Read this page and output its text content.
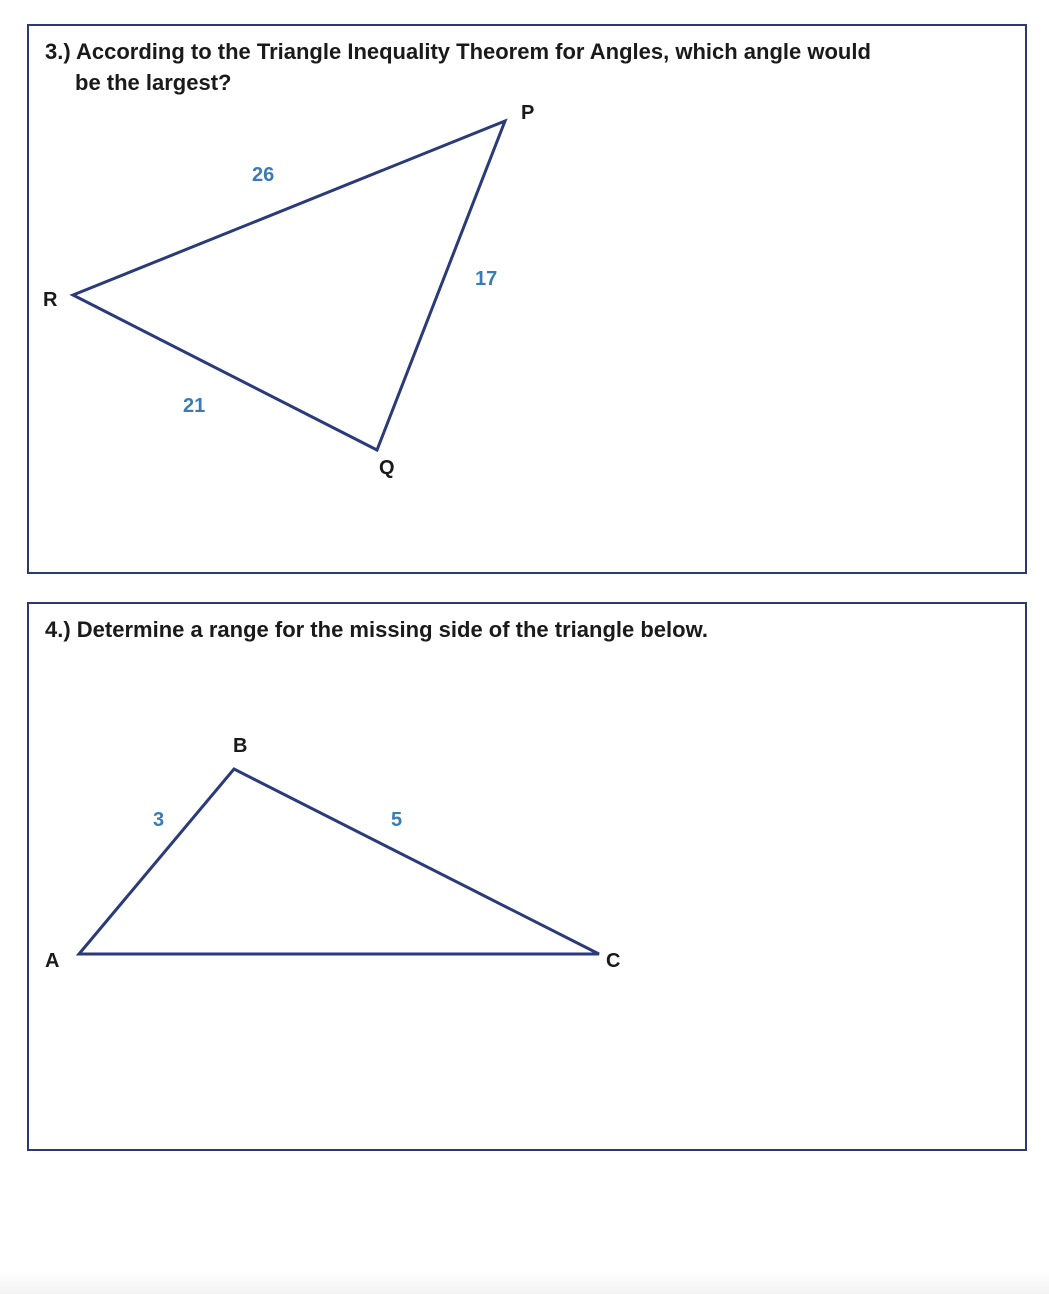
3.) According to the Triangle Inequality Theorem for Angles, which angle would
be the largest?

P
R
Q
26
17
21

4.) Determine a range for the missing side of the triangle below.

A
B
C
3	5
